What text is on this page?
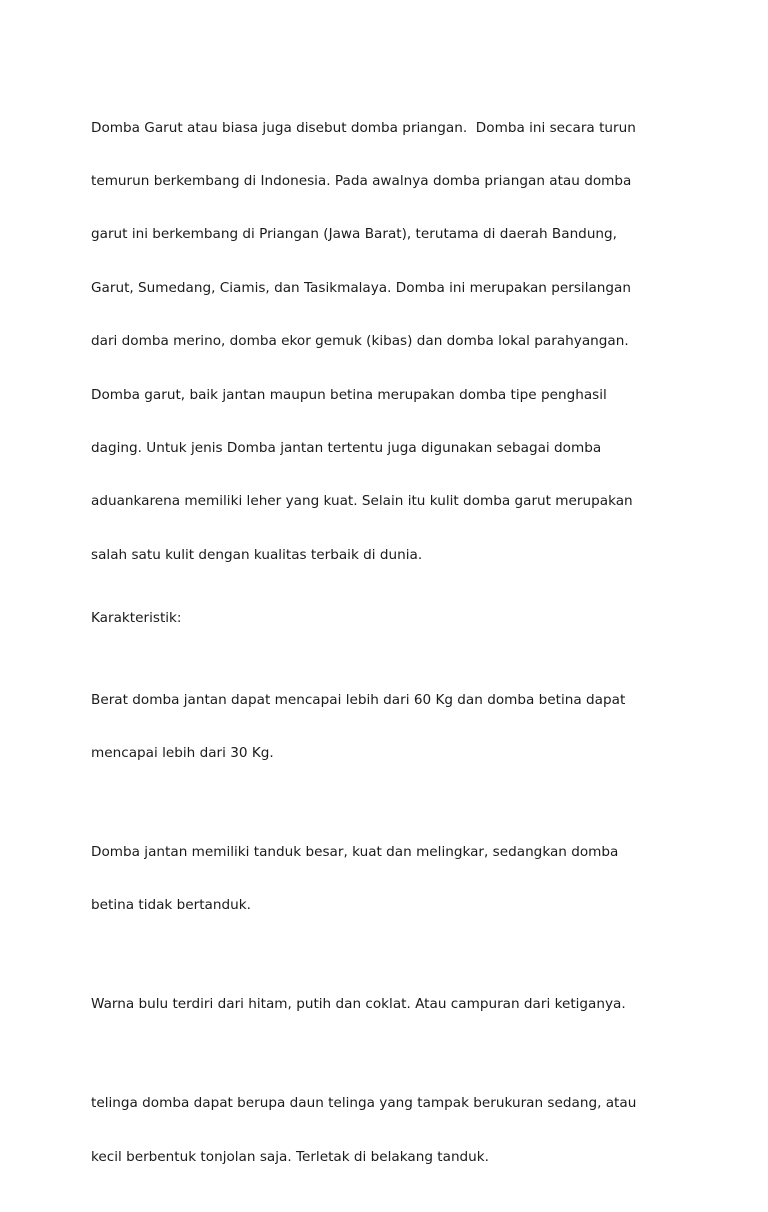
Domba Garut atau biasa juga disebut domba priangan.  Domba ini secara turun

temurun berkembang di Indonesia. Pada awalnya domba priangan atau domba

garut ini berkembang di Priangan (Jawa Barat), terutama di daerah Bandung,

Garut, Sumedang, Ciamis, dan Tasikmalaya. Domba ini merupakan persilangan

dari domba merino, domba ekor gemuk (kibas) dan domba lokal parahyangan.

Domba garut, baik jantan maupun betina merupakan domba tipe penghasil

daging. Untuk jenis Domba jantan tertentu juga digunakan sebagai domba

aduankarena memiliki leher yang kuat. Selain itu kulit domba garut merupakan

salah satu kulit dengan kualitas terbaik di dunia.

Karakteristik:

Berat domba jantan dapat mencapai lebih dari 60 Kg dan domba betina dapat

mencapai lebih dari 30 Kg.

Domba jantan memiliki tanduk besar, kuat dan melingkar, sedangkan domba

betina tidak bertanduk.

Warna bulu terdiri dari hitam, putih dan coklat. Atau campuran dari ketiganya.

telinga domba dapat berupa daun telinga yang tampak berukuran sedang, atau

kecil berbentuk tonjolan saja. Terletak di belakang tanduk.
